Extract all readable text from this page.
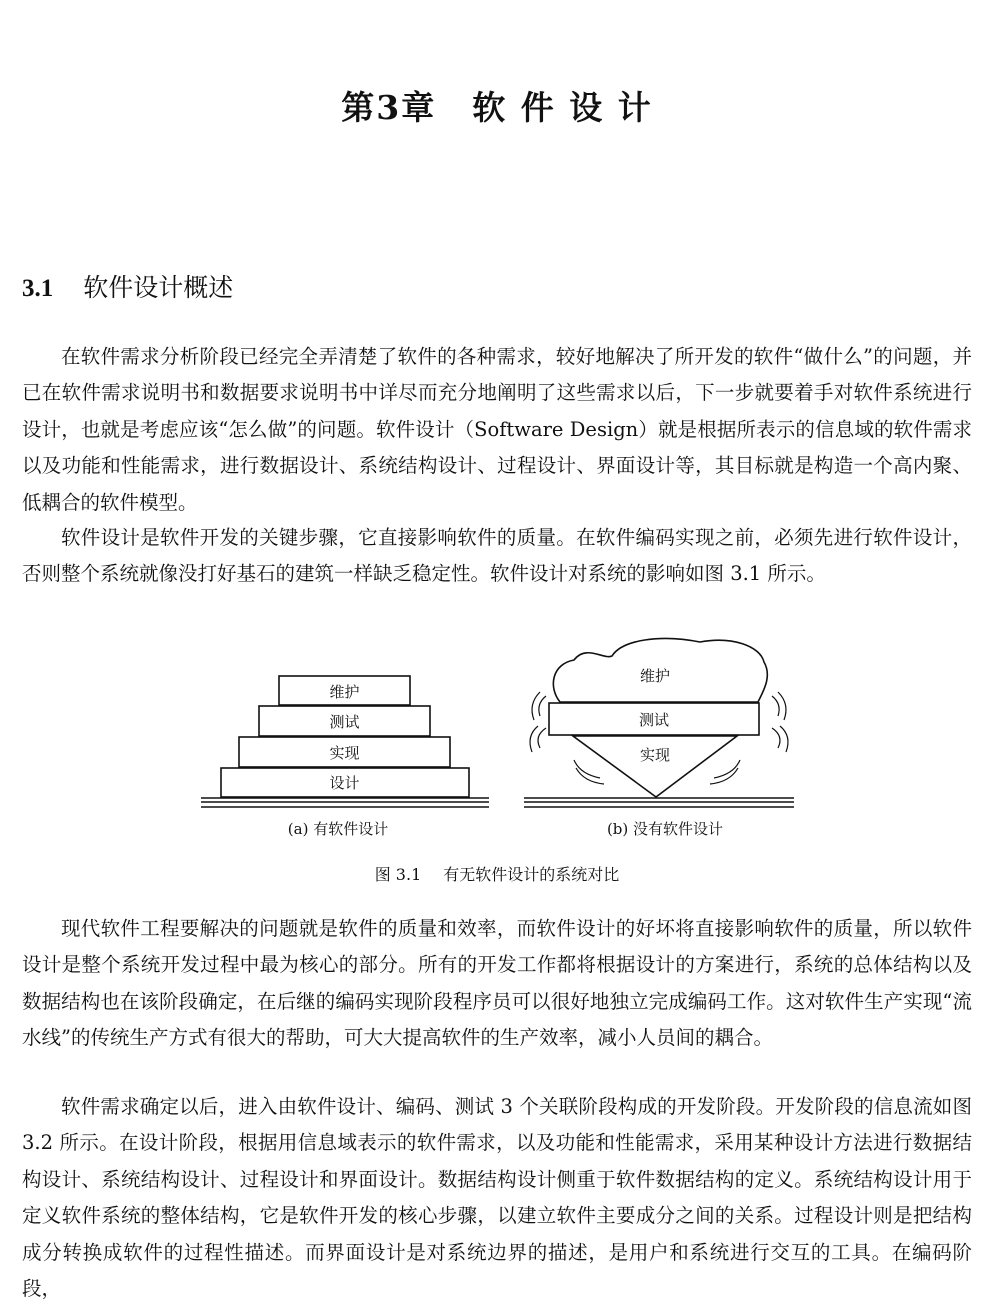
第3章 软 件 设 计
3.1 软件设计概述

在软件需求分析阶段已经完全弄清楚了软件的各种需求，较好地解决了所开发的软件“做什么”的问题，并已在软件需求说明书和数据要求说明书中详尽而充分地阐明了这些需求以后，下一步就要着手对软件系统进行设计，也就是考虑应该“怎么做”的问题。软件设计（Software Design）就是根据所表示的信息域的软件需求以及功能和性能需求，进行数据设计、系统结构设计、过程设计、界面设计等，其目标就是构造一个高内聚、低耦合的软件模型。

软件设计是软件开发的关键步骤，它直接影响软件的质量。在软件编码实现之前，必须先进行软件设计，否则整个系统就像没打好基石的建筑一样缺乏稳定性。软件设计对系统的影响如图 3.1 所示。

维护
测试
实现
设计
维护
测试
实现
(a) 有软件设计	(b) 没有软件设计
图 3.1 有无软件设计的系统对比

现代软件工程要解决的问题就是软件的质量和效率，而软件设计的好坏将直接影响软件的质量，所以软件设计是整个系统开发过程中最为核心的部分。所有的开发工作都将根据设计的方案进行，系统的总体结构以及数据结构也在该阶段确定，在后继的编码实现阶段程序员可以很好地独立完成编码工作。这对软件生产实现“流水线”的传统生产方式有很大的帮助，可大大提高软件的生产效率，减小人员间的耦合。

软件需求确定以后，进入由软件设计、编码、测试 3 个关联阶段构成的开发阶段。开发阶段的信息流如图 3.2 所示。在设计阶段，根据用信息域表示的软件需求，以及功能和性能需求，采用某种设计方法进行数据结构设计、系统结构设计、过程设计和界面设计。数据结构设计侧重于软件数据结构的定义。系统结构设计用于定义软件系统的整体结构，它是软件开发的核心步骤，以建立软件主要成分之间的关系。过程设计则是把结构成分转换成软件的过程性描述。而界面设计是对系统边界的描述，是用户和系统进行交互的工具。在编码阶段，
